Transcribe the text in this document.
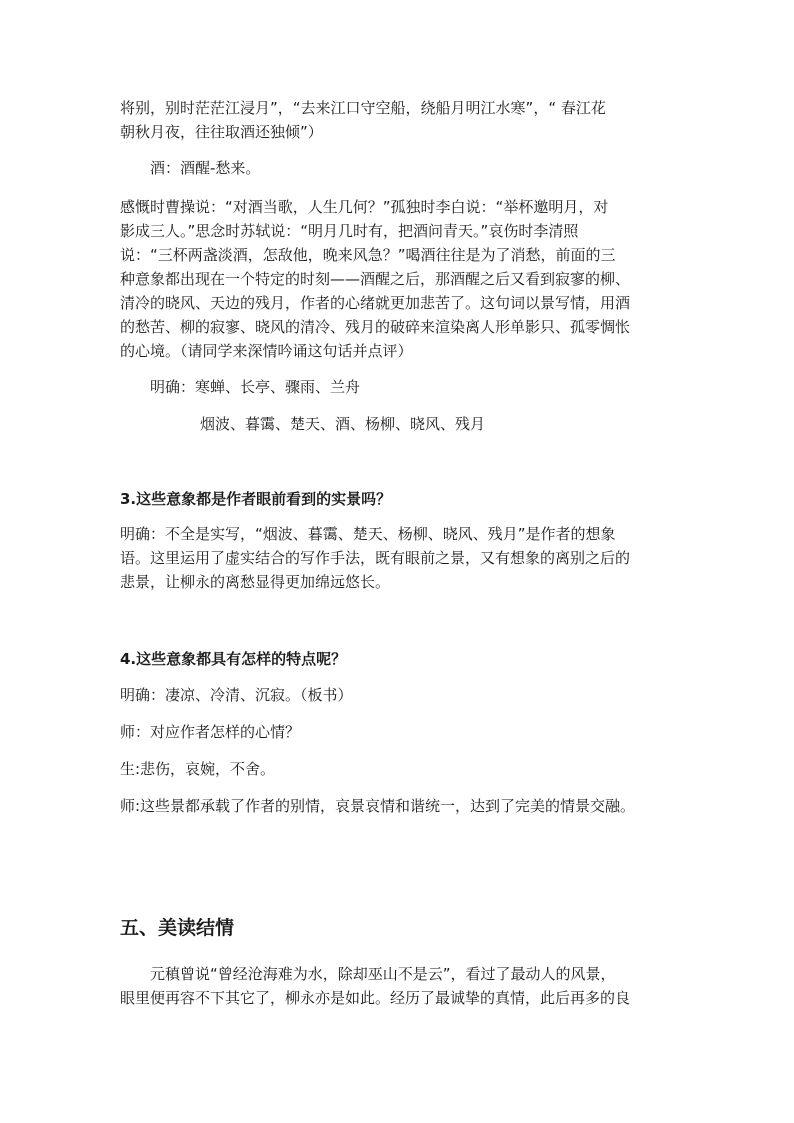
将别，别时茫茫江浸月”，“去来江口守空船，绕船月明江水寒”，“ 春江花
朝秋月夜，往往取酒还独倾”）

酒：酒醒-愁来。

感慨时曹操说：“对酒当歌，人生几何？”孤独时李白说：“举杯邀明月，对
影成三人。”思念时苏轼说：“明月几时有，把酒问青天。”哀伤时李清照
说：“三杯两盏淡酒，怎敌他，晚来风急？”喝酒往往是为了消愁，前面的三
种意象都出现在一个特定的时刻——酒醒之后，那酒醒之后又看到寂寥的柳、
清冷的晓风、天边的残月，作者的心绪就更加悲苦了。这句词以景写情，用酒
的愁苦、柳的寂寥、晓风的清冷、残月的破碎来渲染离人形单影只、孤零惆怅
的心境。（请同学来深情吟诵这句话并点评）

明确：寒蝉、长亭、骤雨、兰舟

烟波、暮霭、楚天、酒、杨柳、晓风、残月

3.这些意象都是作者眼前看到的实景吗？

明确：不全是实写，“烟波、暮霭、楚天、杨柳、晓风、残月”是作者的想象
语。这里运用了虚实结合的写作手法，既有眼前之景，又有想象的离别之后的
悲景，让柳永的离愁显得更加绵远悠长。

4.这些意象都具有怎样的特点呢？

明确：凄凉、冷清、沉寂。（板书）

师：对应作者怎样的心情？

生:悲伤，哀婉，不舍。

师:这些景都承载了作者的别情，哀景哀情和谐统一，达到了完美的情景交融。

五、美读结情

元稹曾说“曾经沧海难为水，除却巫山不是云”，看过了最动人的风景，
眼里便再容不下其它了，柳永亦是如此。经历了最诚挚的真情，此后再多的良
